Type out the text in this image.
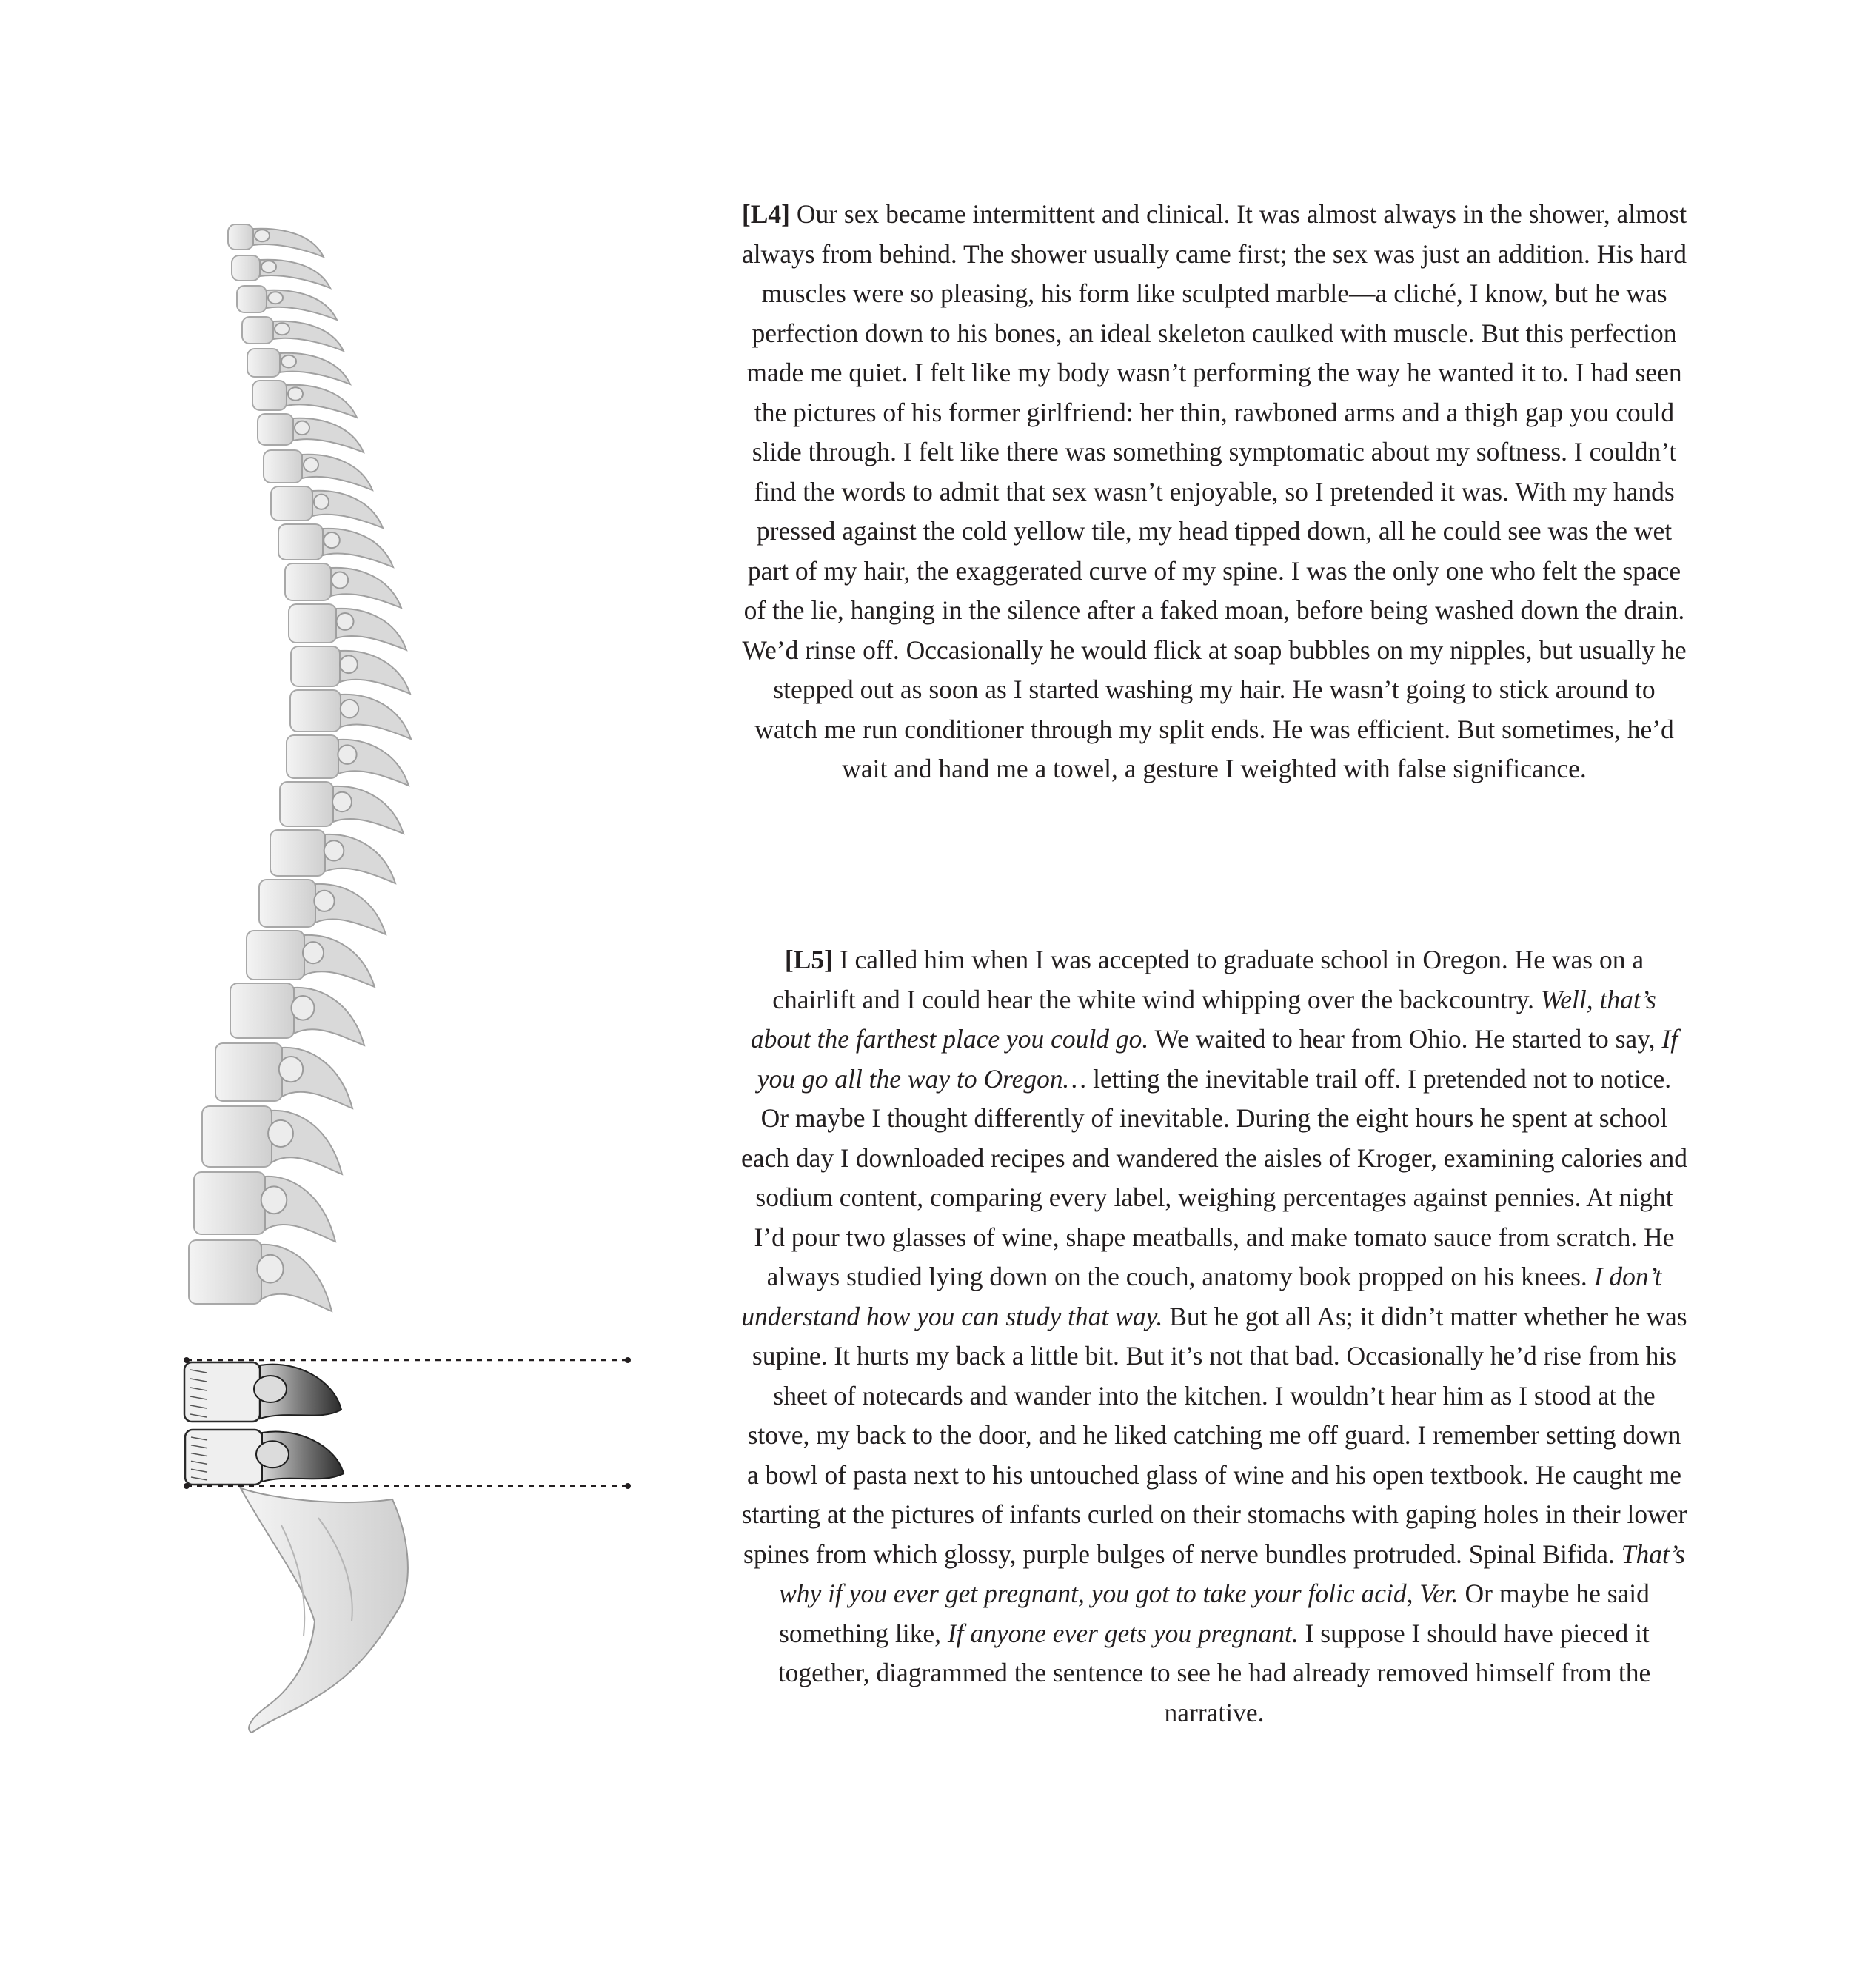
[L4] Our sex became intermittent and clinical. It was almost always in the shower, almost always from behind. The shower usually came first; the sex was just an addition. His hard muscles were so pleasing, his form like sculpted marble—a cliché, I know, but he was perfection down to his bones, an ideal skeleton caulked with muscle. But this perfection made me quiet. I felt like my body wasn’t performing the way he wanted it to. I had seen the pictures of his former girlfriend: her thin, rawboned arms and a thigh gap you could slide through. I felt like there was something symptomatic about my softness. I couldn’t find the words to admit that sex wasn’t enjoyable, so I pretended it was. With my hands pressed against the cold yellow tile, my head tipped down, all he could see was the wet part of my hair, the exaggerated curve of my spine. I was the only one who felt the space of the lie, hanging in the silence after a faked moan, before being washed down the drain. We’d rinse off. Occasionally he would flick at soap bubbles on my nipples, but usually he stepped out as soon as I started washing my hair. He wasn’t going to stick around to watch me run conditioner through my split ends. He was efficient. But sometimes, he’d wait and hand me a towel, a gesture I weighted with false significance.

[L5] I called him when I was accepted to graduate school in Oregon. He was on a chairlift and I could hear the white wind whipping over the backcountry. Well, that’s about the farthest place you could go. We waited to hear from Ohio. He started to say, If you go all the way to Oregon… letting the inevitable trail off. I pretended not to notice. Or maybe I thought differently of inevitable. During the eight hours he spent at school each day I downloaded recipes and wandered the aisles of Kroger, examining calories and sodium content, comparing every label, weighing percentages against pennies. At night I’d pour two glasses of wine, shape meatballs, and make tomato sauce from scratch. He always studied lying down on the couch, anatomy book propped on his knees. I don’t understand how you can study that way. But he got all As; it didn’t matter whether he was supine. It hurts my back a little bit. But it’s not that bad. Occasionally he’d rise from his sheet of notecards and wander into the kitchen. I wouldn’t hear him as I stood at the stove, my back to the door, and he liked catching me off guard. I remember setting down a bowl of pasta next to his untouched glass of wine and his open textbook. He caught me starting at the pictures of infants curled on their stomachs with gaping holes in their lower spines from which glossy, purple bulges of nerve bundles protruded. Spinal Bifida. That’s why if you ever get pregnant, you got to take your folic acid, Ver. Or maybe he said something like, If anyone ever gets you pregnant. I suppose I should have pieced it together, diagrammed the sentence to see he had already removed himself from the narrative.
